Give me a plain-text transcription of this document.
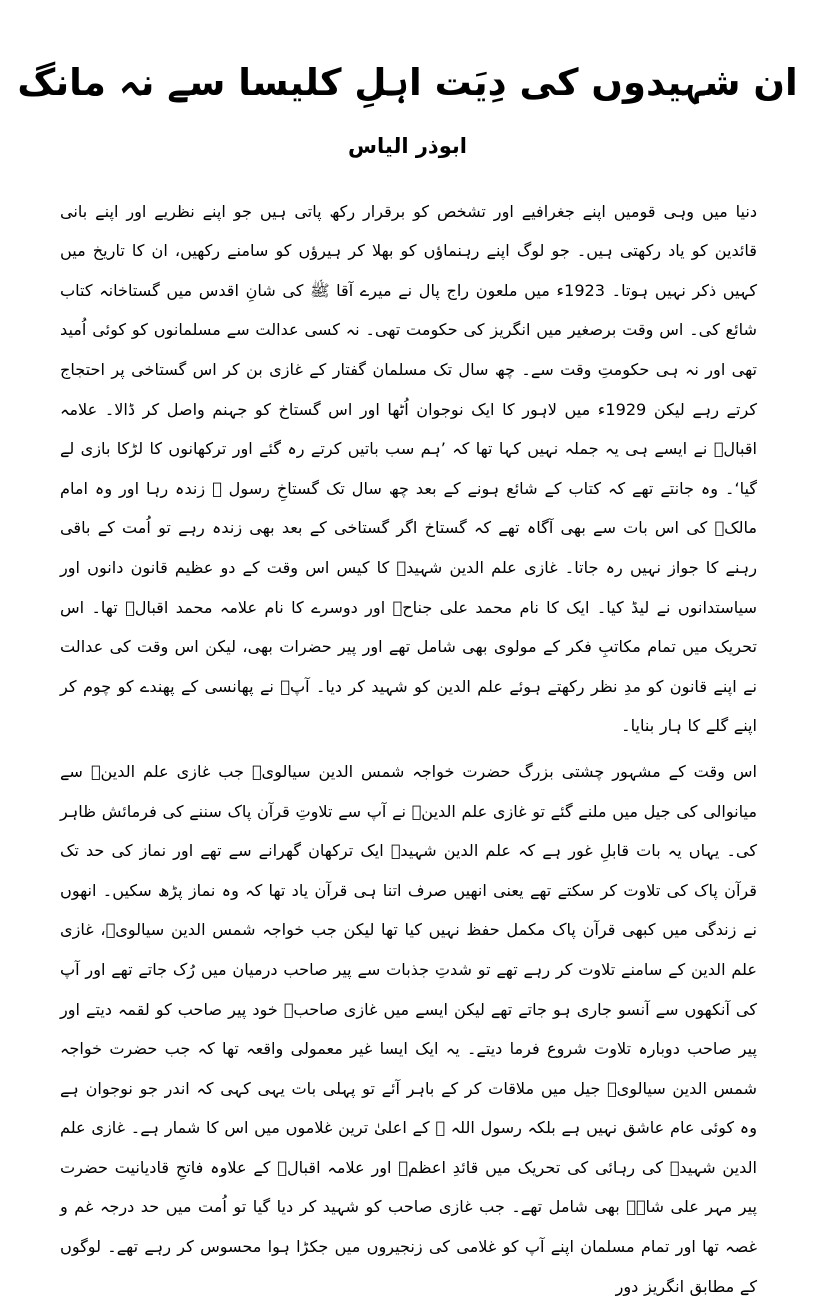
ان شہیدوں کی دِیَت اہلِ کلیسا سے نہ مانگ
ابوذر الیاس

دنیا میں وہی قومیں اپنے جغرافیے اور تشخص کو برقرار رکھ پاتی ہیں جو اپنے نظریے اور اپنے بانی قائدین کو یاد رکھتی ہیں۔ جو لوگ اپنے رہنماؤں کو بھلا کر ہیرؤں کو سامنے رکھیں، ان کا تاریخ میں کہیں ذکر نہیں ہوتا۔ 1923ء میں ملعون راج پال نے میرے آقا ﷺ کی شانِ اقدس میں گستاخانہ کتاب شائع کی۔ اس وقت برصغیر میں انگریز کی حکومت تھی۔ نہ کسی عدالت سے مسلمانوں کو کوئی اُمید تھی اور نہ ہی حکومتِ وقت سے۔ چھ سال تک مسلمان گفتار کے غازی بن کر اس گستاخی پر احتجاج کرتے رہے لیکن 1929ء میں لاہور کا ایک نوجوان اُٹھا اور اس گستاخ کو جہنم واصل کر ڈالا۔ علامہ اقبالؒ نے ایسے ہی یہ جملہ نہیں کہا تھا کہ ’ہم سب باتیں کرتے رہ گئے اور ترکھانوں کا لڑکا بازی لے گیا‘۔ وہ جانتے تھے کہ کتاب کے شائع ہونے کے بعد چھ سال تک گستاخِ رسول ﷺ زندہ رہا اور وہ امام مالکؒ کی اس بات سے بھی آگاہ تھے کہ گستاخ اگر گستاخی کے بعد بھی زندہ رہے تو اُمت کے باقی رہنے کا جواز نہیں رہ جاتا۔ غازی علم الدین شہیدؒ کا کیس اس وقت کے دو عظیم قانون دانوں اور سیاستدانوں نے لیڈ کیا۔ ایک کا نام محمد علی جناحؒ اور دوسرے کا نام علامہ محمد اقبالؒ تھا۔ اس تحریک میں تمام مکاتبِ فکر کے مولوی بھی شامل تھے اور پیر حضرات بھی، لیکن اس وقت کی عدالت نے اپنے قانون کو مدِ نظر رکھتے ہوئے علم الدین کو شہید کر دیا۔ آپؒ نے پھانسی کے پھندے کو چوم کر اپنے گلے کا ہار بنایا۔

اس وقت کے مشہور چشتی بزرگ حضرت خواجہ شمس الدین سیالویؒ جب غازی علم الدینؒ سے میانوالی کی جیل میں ملنے گئے تو غازی علم الدینؒ نے آپ سے تلاوتِ قرآن پاک سننے کی فرمائش ظاہر کی۔ یہاں یہ بات قابلِ غور ہے کہ علم الدین شہیدؒ ایک ترکھان گھرانے سے تھے اور نماز کی حد تک قرآن پاک کی تلاوت کر سکتے تھے یعنی انھیں صرف اتنا ہی قرآن یاد تھا کہ وہ نماز پڑھ سکیں۔ انھوں نے زندگی میں کبھی قرآن پاک مکمل حفظ نہیں کیا تھا لیکن جب خواجہ شمس الدین سیالویؒ، غازی علم الدین کے سامنے تلاوت کر رہے تھے تو شدتِ جذبات سے پیر صاحب درمیان میں رُک جاتے تھے اور آپ کی آنکھوں سے آنسو جاری ہو جاتے تھے لیکن ایسے میں غازی صاحبؒ خود پیر صاحب کو لقمہ دیتے اور پیر صاحب دوبارہ تلاوت شروع فرما دیتے۔ یہ ایک ایسا غیر معمولی واقعہ تھا کہ جب حضرت خواجہ شمس الدین سیالویؒ جیل میں ملاقات کر کے باہر آئے تو پہلی بات یہی کہی کہ اندر جو نوجوان ہے وہ کوئی عام عاشق نہیں ہے بلکہ رسول اللہ ﷺ کے اعلیٰ ترین غلاموں میں اس کا شمار ہے۔ غازی علم الدین شہیدؒ کی رہائی کی تحریک میں قائدِ اعظمؒ اور علامہ اقبالؒ کے علاوہ فاتحِ قادیانیت حضرت پیر مہر علی شاہؒ بھی شامل تھے۔ جب غازی صاحب کو شہید کر دیا گیا تو اُمت میں حد درجہ غم و غصہ تھا اور تمام مسلمان اپنے آپ کو غلامی کی زنجیروں میں جکڑا ہوا محسوس کر رہے تھے۔ لوگوں کے مطابق انگریز دور
